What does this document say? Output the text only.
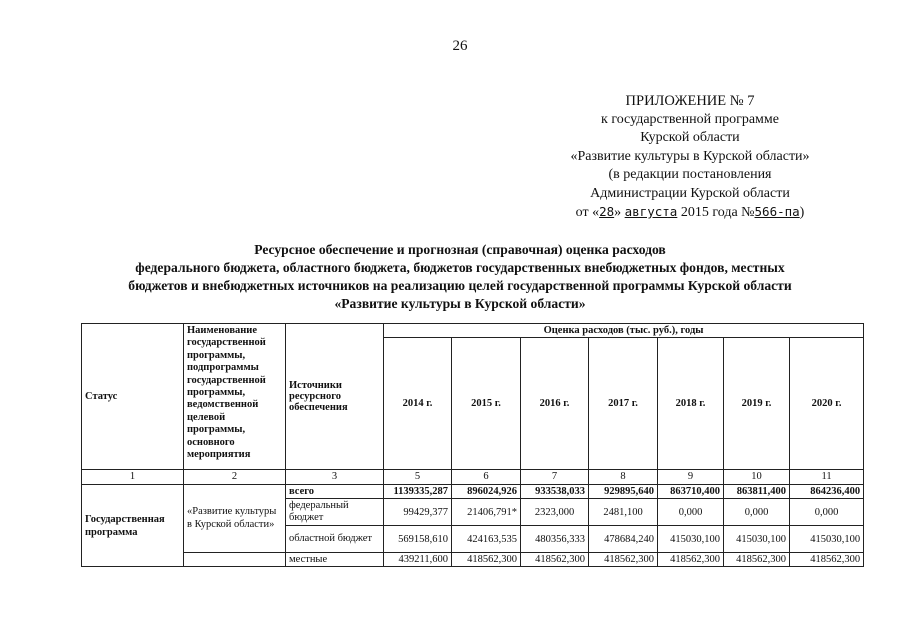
26
ПРИЛОЖЕНИЕ № 7
к государственной программе
Курской области
«Развитие культуры в Курской области»
(в редакции постановления
Администрации Курской области
от «28» августа 2015 года №566-па)
Ресурсное обеспечение и прогнозная (справочная) оценка расходов
федерального бюджета, областного бюджета, бюджетов государственных внебюджетных фондов, местных
бюджетов и внебюджетных источников на реализацию целей государственной программы Курской области
«Развитие культуры в Курской области»
Статус	Наименование государственной программы, подпрограммы государственной программы, ведомственной целевой программы, основного мероприятия	Источники ресурсного обеспечения	Оценка расходов (тыс. руб.), годы						
			2014 г.	2015 г.	2016 г.	2017 г.	2018 г.	2019 г.	2020 г.
1	2	3	5	6	7	8	9	10	11
Государственная программа	«Развитие культуры в Курской области»	всего	1139335,287	896024,926	933538,033	929895,640	863710,400	863811,400	864236,400
		федеральный бюджет	99429,377	21406,791*	2323,000	2481,100	0,000	0,000	0,000
		областной бюджет	569158,610	424163,535	480356,333	478684,240	415030,100	415030,100	415030,100
		местные	439211,600	418562,300	418562,300	418562,300	418562,300	418562,300	418562,300
